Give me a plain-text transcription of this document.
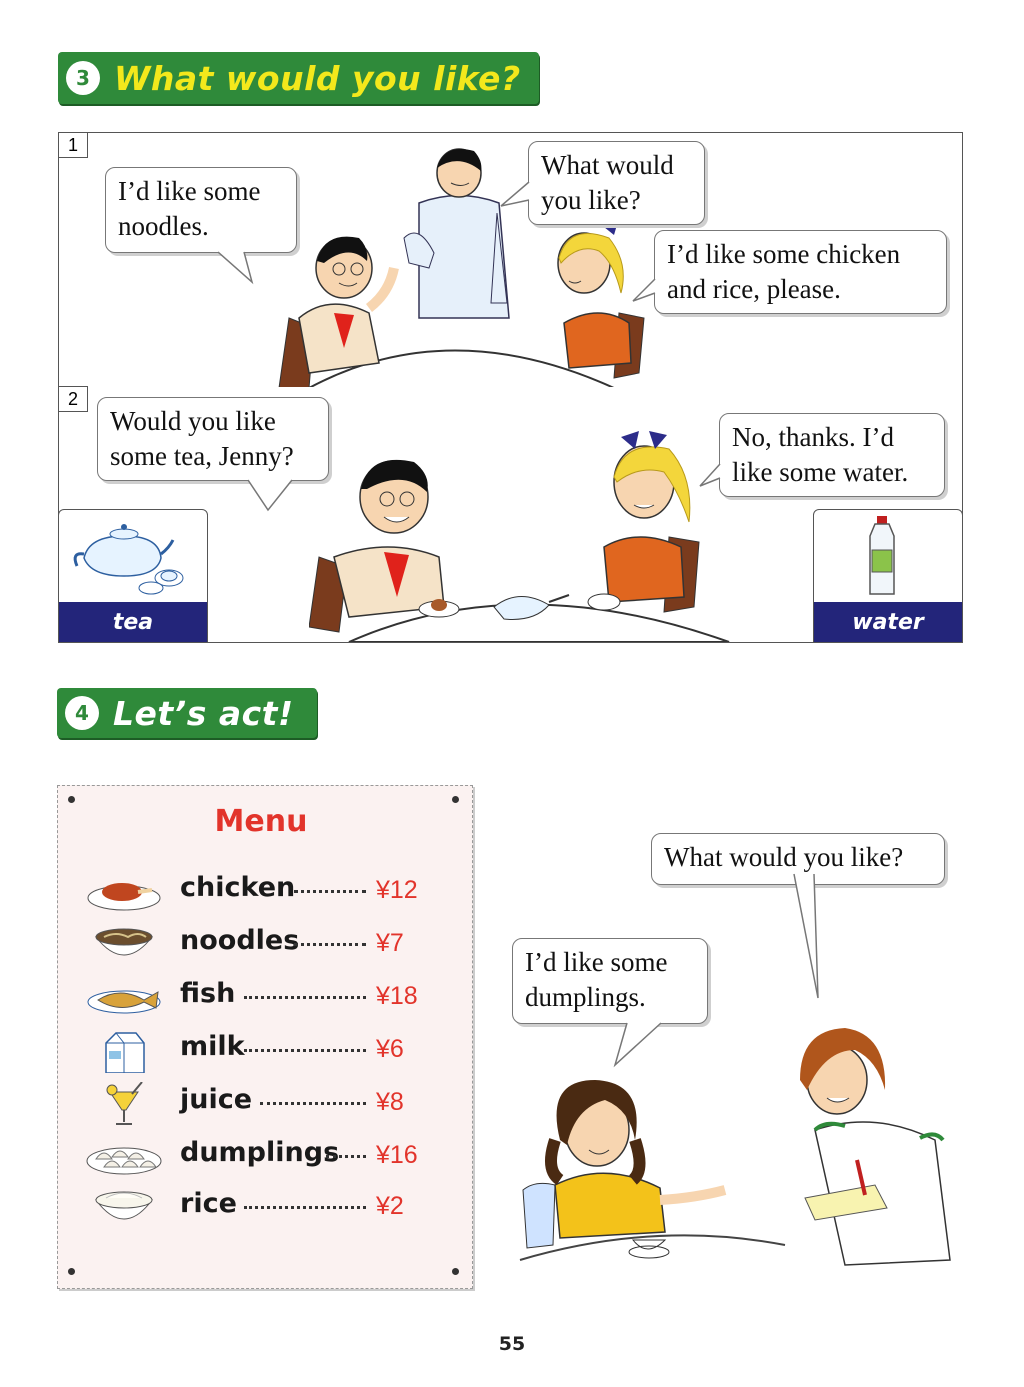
3 What would you like?
1
I’d like some
noodles.
What would
you like?
I’d like some chicken
and rice, please.
2
Would you like
some tea, Jenny?
No, thanks. I’d
like some water.
tea	water
4 Let’s act!
Menu
chicken	¥12
noodles	¥7
fish	¥18
milk	¥6
juice	¥8
dumplings ¥16
rice	¥2
What would you like?
I’d like some
dumplings.
55
